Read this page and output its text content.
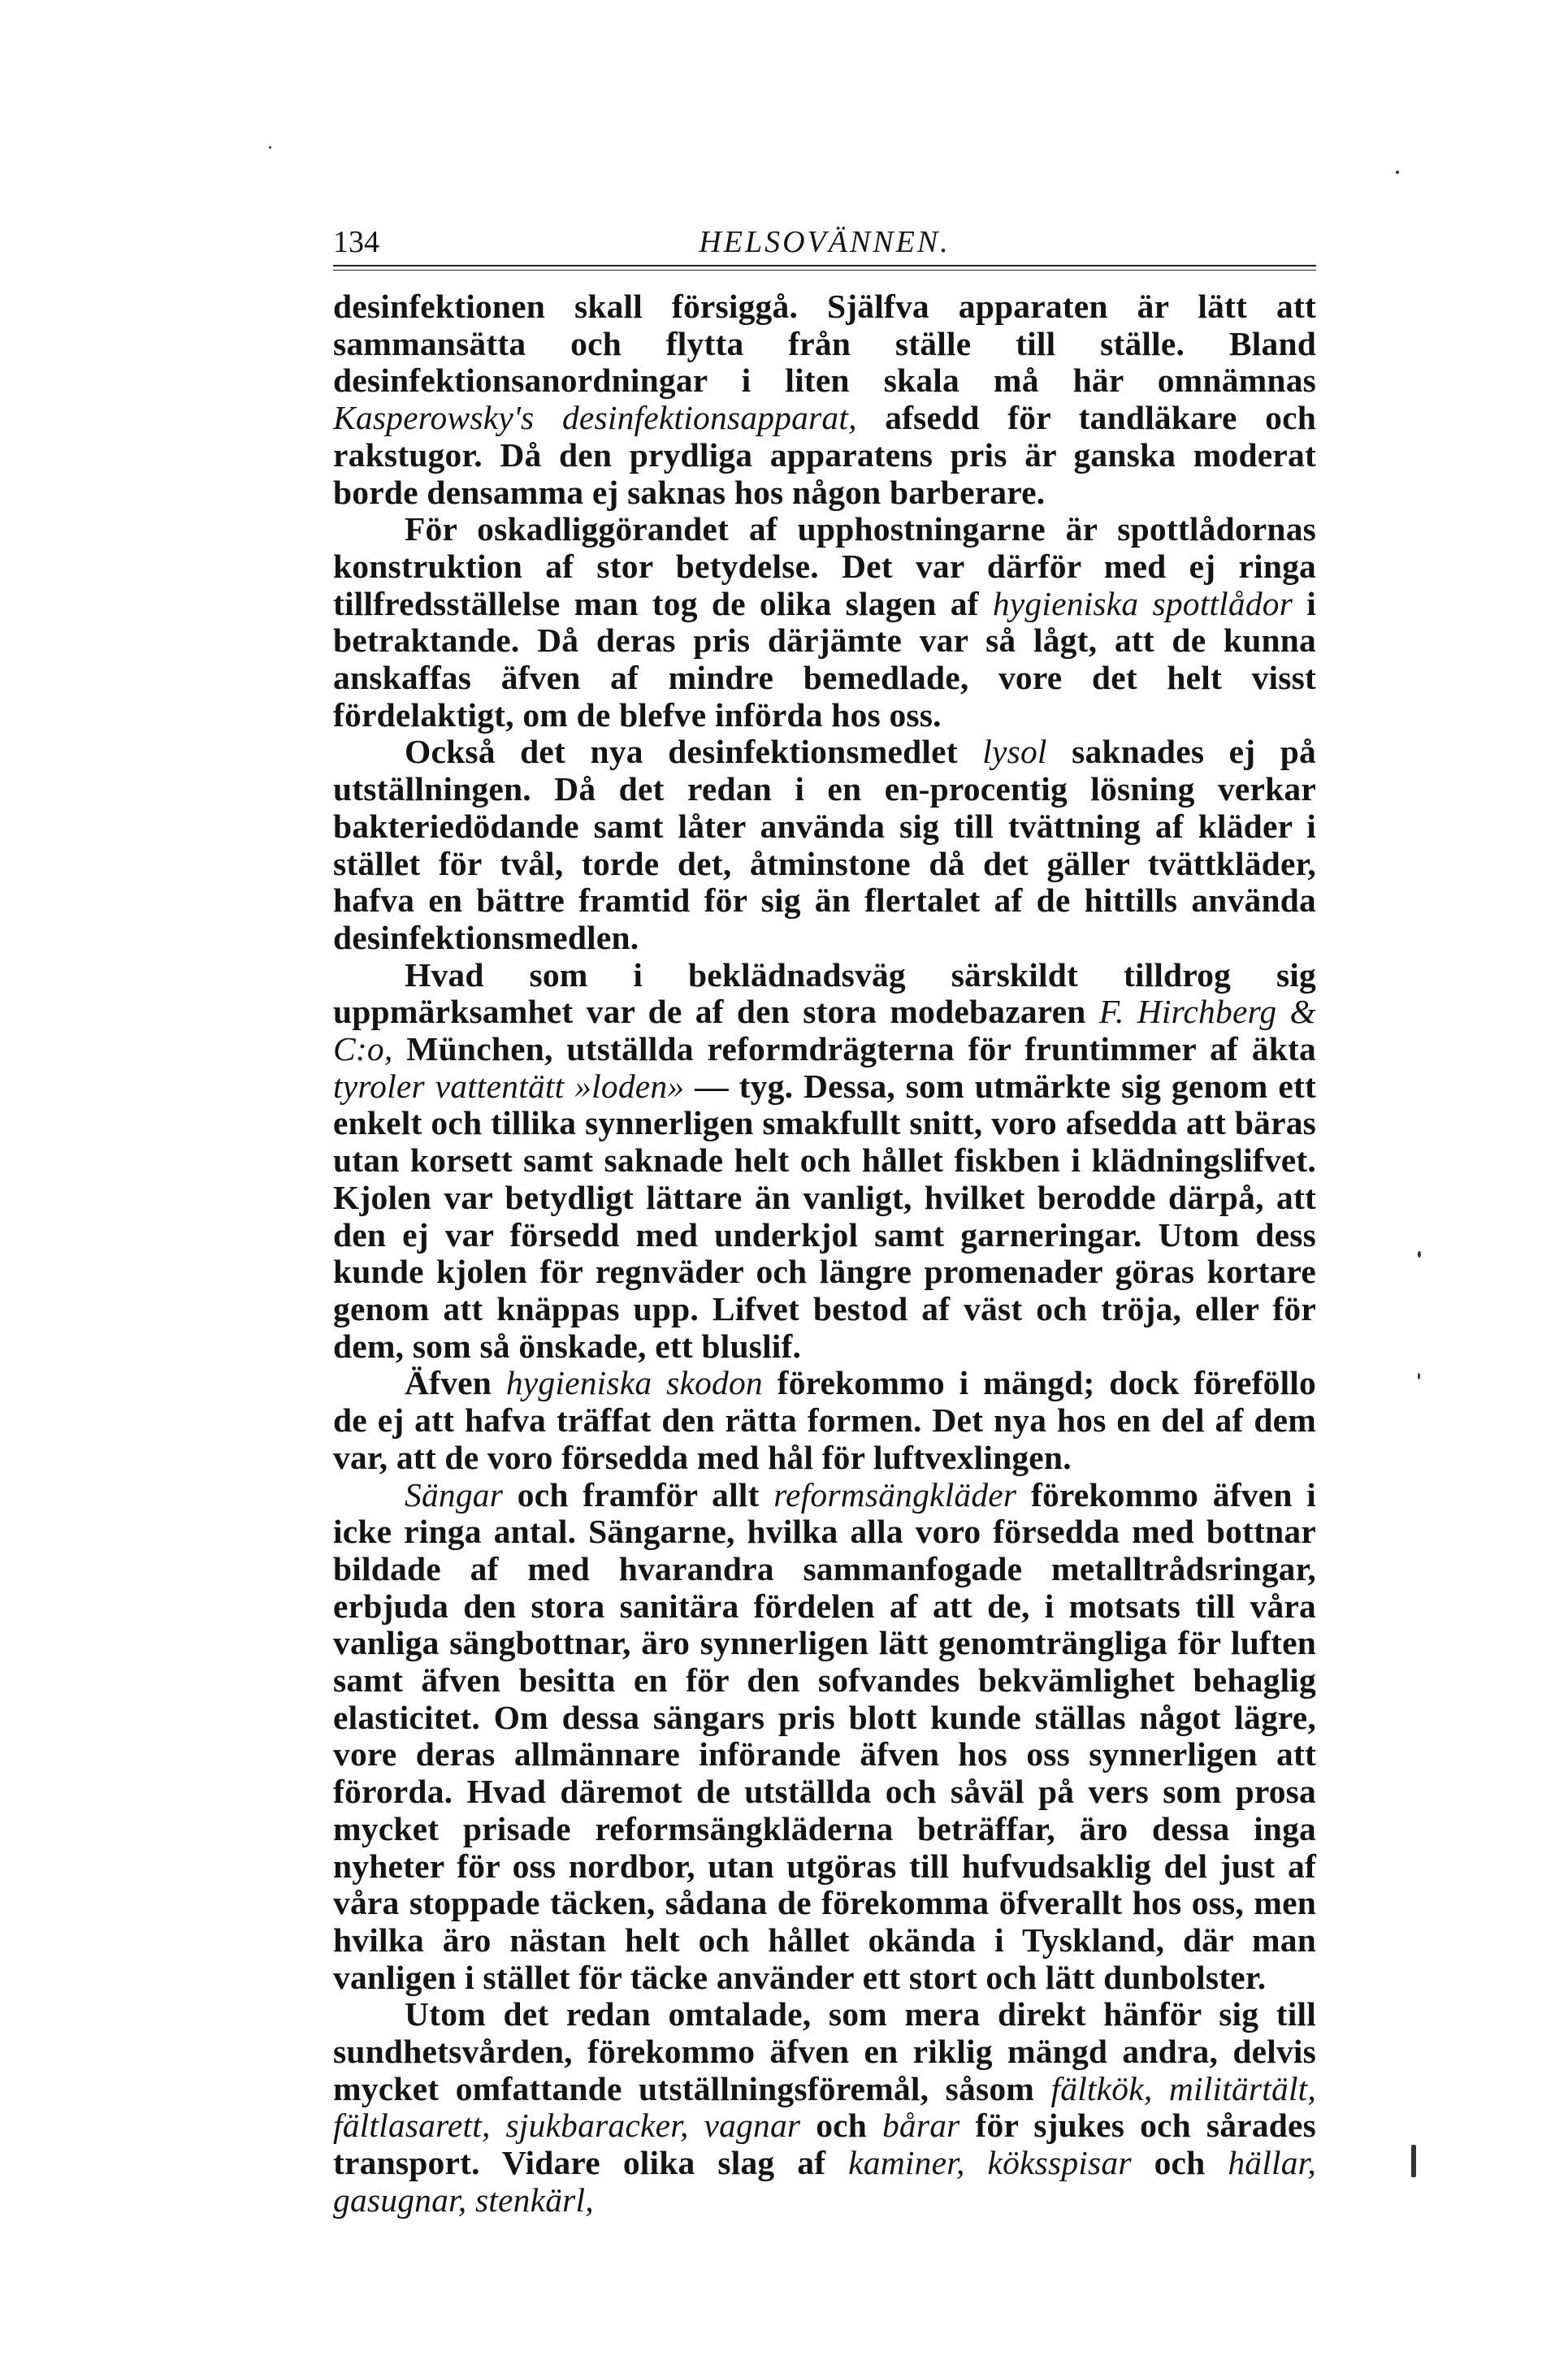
134	HELSOVÄNNEN.

desinfektionen skall försiggå. Själfva apparaten är lätt att sammansätta och flytta från ställe till ställe. Bland desinfektionsanordningar i liten skala må här omnämnas Kasperowsky's desinfektionsapparat, afsedd för tandläkare och rakstugor. Då den prydliga apparatens pris är ganska moderat borde densamma ej saknas hos någon barberare.

För oskadliggörandet af upphostningarne är spottlådornas konstruktion af stor betydelse. Det var därför med ej ringa tillfredsställelse man tog de olika slagen af hygieniska spottlådor i betraktande. Då deras pris därjämte var så lågt, att de kunna anskaffas äfven af mindre bemedlade, vore det helt visst fördelaktigt, om de blefve införda hos oss.

Också det nya desinfektionsmedlet lysol saknades ej på utställningen. Då det redan i en en-procentig lösning verkar bakteriedödande samt låter använda sig till tvättning af kläder i stället för tvål, torde det, åtminstone då det gäller tvättkläder, hafva en bättre framtid för sig än flertalet af de hittills använda desinfektionsmedlen.

Hvad som i beklädnadsväg särskildt tilldrog sig uppmärksamhet var de af den stora modebazaren F. Hirchberg & C:o, München, utställda reformdrägterna för fruntimmer af äkta tyroler vattentätt »loden» — tyg. Dessa, som utmärkte sig genom ett enkelt och tillika synnerligen smakfullt snitt, voro afsedda att bäras utan korsett samt saknade helt och hållet fiskben i klädningslifvet. Kjolen var betydligt lättare än vanligt, hvilket berodde därpå, att den ej var försedd med underkjol samt garneringar. Utom dess kunde kjolen för regnväder och längre promenader göras kortare genom att knäppas upp. Lifvet bestod af väst och tröja, eller för dem, som så önskade, ett bluslif.

Äfven hygieniska skodon förekommo i mängd; dock föreföllo de ej att hafva träffat den rätta formen. Det nya hos en del af dem var, att de voro försedda med hål för luftvexlingen.

Sängar och framför allt reformsängkläder förekommo äfven i icke ringa antal. Sängarne, hvilka alla voro försedda med bottnar bildade af med hvarandra sammanfogade metalltrådsringar, erbjuda den stora sanitära fördelen af att de, i motsats till våra vanliga sängbottnar, äro synnerligen lätt genomträngliga för luften samt äfven besitta en för den sofvandes bekvämlighet behaglig elasticitet. Om dessa sängars pris blott kunde ställas något lägre, vore deras allmännare införande äfven hos oss synnerligen att förorda. Hvad däremot de utställda och såväl på vers som prosa mycket prisade reformsängkläderna beträffar, äro dessa inga nyheter för oss nordbor, utan utgöras till hufvudsaklig del just af våra stoppade täcken, sådana de förekomma öfverallt hos oss, men hvilka äro nästan helt och hållet okända i Tyskland, där man vanligen i stället för täcke använder ett stort och lätt dunbolster.

Utom det redan omtalade, som mera direkt hänför sig till sundhetsvården, förekommo äfven en riklig mängd andra, delvis mycket omfattande utställningsföremål, såsom fältkök, militärtält, fältlasarett, sjukbaracker, vagnar och bårar för sjukes och sårades transport. Vidare olika slag af kaminer, köksspisar och hällar, gasugnar, stenkärl,
